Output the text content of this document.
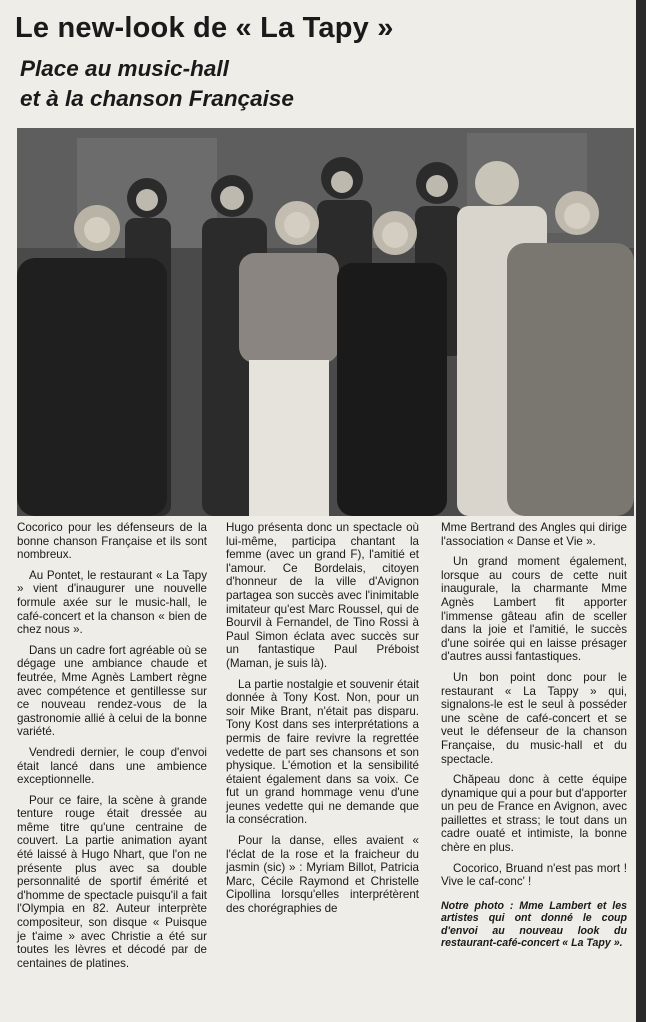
Le new-look de « La Tapy »
Place au music-hall
et à la chanson Française

Cocorico pour les défenseurs de la bonne chanson Française et ils sont nombreux.

Au Pontet, le restaurant « La Tapy » vient d'inaugurer une nouvelle formule axée sur le music-hall, le café-concert et la chanson « bien de chez nous ».

Dans un cadre fort agréable où se dégage une ambiance chaude et feutrée, Mme Agnès Lambert règne avec compétence et gentillesse sur ce nouveau rendez-vous de la gastronomie allié à celui de la bonne variété.

Vendredi dernier, le coup d'envoi était lancé dans une ambience exceptionnelle.

Pour ce faire, la scène à grande tenture rouge était dressée au même titre qu'une centraine de couvert. La partie animation ayant été laissé à Hugo Nhart, que l'on ne présente plus avec sa double personnalité de sportif émérité et d'homme de spectacle puisqu'il a fait l'Olympia en 82. Auteur interprète compositeur, son disque « Puisque je t'aime » avec Christie a été sur toutes les lèvres et décodé par de centaines de platines.

Hugo présenta donc un spectacle où lui-même, participa chantant la femme (avec un grand F), l'amitié et l'amour. Ce Bordelais, citoyen d'honneur de la ville d'Avignon partagea son succès avec l'inimitable imitateur qu'est Marc Roussel, qui de Bourvil à Fernandel, de Tino Rossi à Paul Simon éclata avec succès sur un fantastique Paul Préboist (Maman, je suis là).

La partie nostalgie et souvenir était donnée à Tony Kost. Non, pour un soir Mike Brant, n'était pas disparu. Tony Kost dans ses interprétations a permis de faire revivre la regrettée vedette de part ses chansons et son physique. L'émotion et la sensibilité étaient également dans sa voix. Ce fut un grand hommage venu d'une jeunes vedette qui ne demande que la consécration.

Pour la danse, elles avaient « l'éclat de la rose et la fraicheur du jasmin (sic) » : Myriam Billot, Patricia Marc, Cécile Raymond et Christelle Cipollina lorsqu'elles interprétèrent des chorégraphies de

Mme Bertrand des Angles qui dirige l'association « Danse et Vie ».

Un grand moment également, lorsque au cours de cette nuit inaugurale, la charmante Mme Agnès Lambert fit apporter l'immense gâteau afin de sceller dans la joie et l'amitié, le succès d'une soirée qui en laisse présager d'autres aussi fantastiques.

Un bon point donc pour le restaurant « La Tappy » qui, signalons-le est le seul à posséder une scène de café-concert et se veut le défenseur de la chanson Française, du music-hall et du spectacle.

Chăpeau donc à cette équipe dynamique qui a pour but d'apporter un peu de France en Avignon, avec paillettes et strass; le tout dans un cadre ouaté et intimiste, la bonne chère en plus.

Cocorico, Bruand n'est pas mort ! Vive le caf-conc' !

Notre photo : Mme Lambert et les artistes qui ont donné le coup d'envoi au nouveau look du restaurant-café-concert « La Tapy ».
